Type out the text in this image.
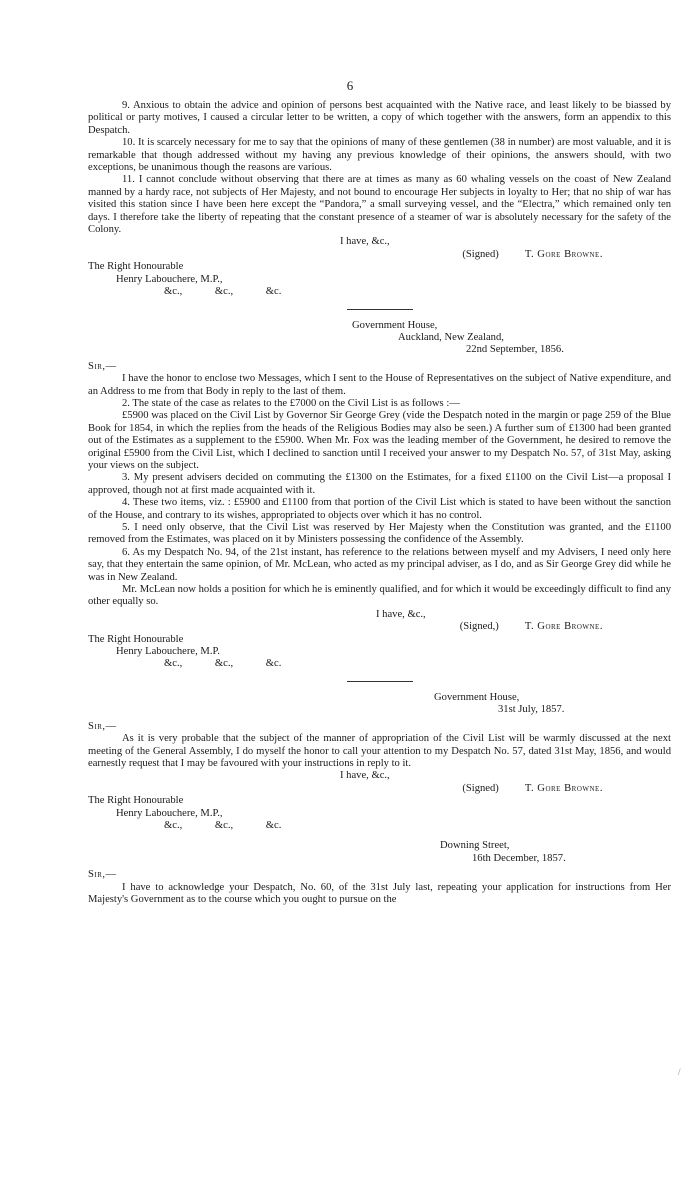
6

9. Anxious to obtain the advice and opinion of persons best acquainted with the Native race, and least likely to be biassed by political or party motives, I caused a circular letter to be written, a copy of which together with the answers, form an appendix to this Despatch.

10. It is scarcely necessary for me to say that the opinions of many of these gentlemen (38 in number) are most valuable, and it is remarkable that though addressed without my having any previous knowledge of their opinions, the answers should, with two exceptions, be unanimous though the reasons are various.

11. I cannot conclude without observing that there are at times as many as 60 whaling vessels on the coast of New Zealand manned by a hardy race, not subjects of Her Majesty, and not bound to encourage Her subjects in loyalty to Her; that no ship of war has visited this station since I have been here except the “Pandora,” a small surveying vessel, and the “Electra,” which remained only ten days. I therefore take the liberty of repeating that the constant presence of a steamer of war is absolutely necessary for the safety of the Colony.

I have, &c.,
(Signed) T. Gore Browne.
The Right Honourable
Henry Labouchere, M.P.,
&c., &c., &c.
Government House,
Auckland, New Zealand,
22nd September, 1856.
Sir,—

I have the honor to enclose two Messages, which I sent to the House of Representatives on the subject of Native expenditure, and an Address to me from that Body in reply to the last of them.

2. The state of the case as relates to the £7000 on the Civil List is as follows :—

£5900 was placed on the Civil List by Governor Sir George Grey (vide the Despatch noted in the margin or page 259 of the Blue Book for 1854, in which the replies from the heads of the Religious Bodies may also be seen.) A further sum of £1300 had been granted out of the Estimates as a supplement to the £5900. When Mr. Fox was the leading member of the Government, he desired to remove the original £5900 from the Civil List, which I declined to sanction until I received your answer to my Despatch No. 57, of 31st May, asking your views on the subject.

3. My present advisers decided on commuting the £1300 on the Estimates, for a fixed £1100 on the Civil List—a proposal I approved, though not at first made acquainted with it.

4. These two items, viz. : £5900 and £1100 from that portion of the Civil List which is stated to have been without the sanction of the House, and contrary to its wishes, appropriated to objects over which it has no control.

5. I need only observe, that the Civil List was reserved by Her Majesty when the Constitution was granted, and the £1100 removed from the Estimates, was placed on it by Ministers possessing the confidence of the Assembly.

6. As my Despatch No. 94, of the 21st instant, has reference to the relations between myself and my Advisers, I need only here say, that they entertain the same opinion, of Mr. McLean, who acted as my principal adviser, as I do, and as Sir George Grey did while he was in New Zealand.

Mr. McLean now holds a position for which he is eminently qualified, and for which it would be exceedingly difficult to find any other equally so.

I have, &c.,
(Signed,) T. Gore Browne.
The Right Honourable
Henry Labouchere, M.P.
&c., &c., &c.
Government House,
31st July, 1857.
Sir,—

As it is very probable that the subject of the manner of appropriation of the Civil List will be warmly discussed at the next meeting of the General Assembly, I do myself the honor to call your attention to my Despatch No. 57, dated 31st May, 1856, and would earnestly request that I may be favoured with your instructions in reply to it.

I have, &c.,
(Signed) T. Gore Browne.
The Right Honourable
Henry Labouchere, M.P.,
&c., &c., &c.
Downing Street,
16th December, 1857.
Sir,—

I have to acknowledge your Despatch, No. 60, of the 31st July last, repeating your application for instructions from Her Majesty's Government as to the course which you ought to pursue on the

/
